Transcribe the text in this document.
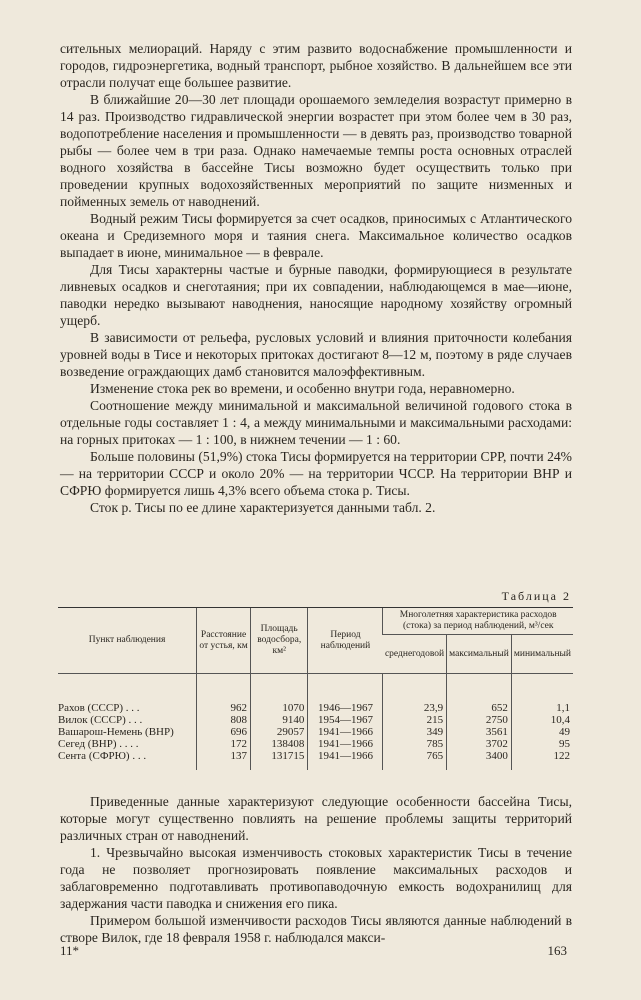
сительных мелиораций. Наряду с этим развито водоснабжение промышленности и городов, гидроэнергетика, водный транспорт, рыбное хозяйство. В дальнейшем все эти отрасли получат еще большее развитие.

В ближайшие 20—30 лет площади орошаемого земледелия возрастут примерно в 14 раз. Производство гидравлической энергии возрастет при этом более чем в 30 раз, водопотребление населения и промышленности — в девять раз, производство товарной рыбы — более чем в три раза. Однако намечаемые темпы роста основных отраслей водного хозяйства в бассейне Тисы возможно будет осуществить только при проведении крупных водохозяйственных мероприятий по защите низменных и пойменных земель от наводнений.

Водный режим Тисы формируется за счет осадков, приносимых с Атлантического океана и Средиземного моря и таяния снега. Максимальное количество осадков выпадает в июне, минимальное — в феврале.

Для Тисы характерны частые и бурные паводки, формирующиеся в результате ливневых осадков и снеготаяния; при их совпадении, наблюдающемся в мае—июне, паводки нередко вызывают наводнения, наносящие народному хозяйству огромный ущерб.

В зависимости от рельефа, русловых условий и влияния приточности колебания уровней воды в Тисе и некоторых притоках достигают 8—12 м, поэтому в ряде случаев возведение ограждающих дамб становится малоэффективным.

Изменение стока рек во времени, и особенно внутри года, неравномерно.

Соотношение между минимальной и максимальной величиной годового стока в отдельные годы составляет 1 : 4, а между минимальными и максимальными расходами: на горных притоках — 1 : 100, в нижнем течении — 1 : 60.

Больше половины (51,9%) стока Тисы формируется на территории СРР, почти 24% — на территории СССР и около 20% — на территории ЧССР. На территории ВНР и СФРЮ формируется лишь 4,3% всего объема стока р. Тисы.

Сток р. Тисы по ее длине характеризуется данными табл. 2.

Таблица 2
Пункт наблюдения	Расстояние от устья, км	Площадь водосбора, км²	Период наблюдений	Многолетняя характеристика расходов (стока) за период наблюдений, м³/сек		
				среднегодовой	максимальный	минимальный

Рахов (СССР) . . .	962	1070	1946—1967	23,9	652	1,1
Вилок (СССР) . . .	808	9140	1954—1967	215	2750	10,4
Вашарош-Немень (ВНР)	696	29057	1941—1966	349	3561	49
Сегед (ВНР) . . . .	172	138408	1941—1966	785	3702	95
Сента (СФРЮ) . . .	137	131715	1941—1966	765	3400	122

Приведенные данные характеризуют следующие особенности бассейна Тисы, которые могут существенно повлиять на решение проблемы защиты территорий различных стран от наводнений.

1. Чрезвычайно высокая изменчивость стоковых характеристик Тисы в течение года не позволяет прогнозировать появление максимальных расходов и заблаговременно подготавливать противопаводочную емкость водохранилищ для задержания части паводка и снижения его пика.

Примером большой изменчивости расходов Тисы являются данные наблюдений в створе Вилок, где 18 февраля 1958 г. наблюдался макси-

11*	163
